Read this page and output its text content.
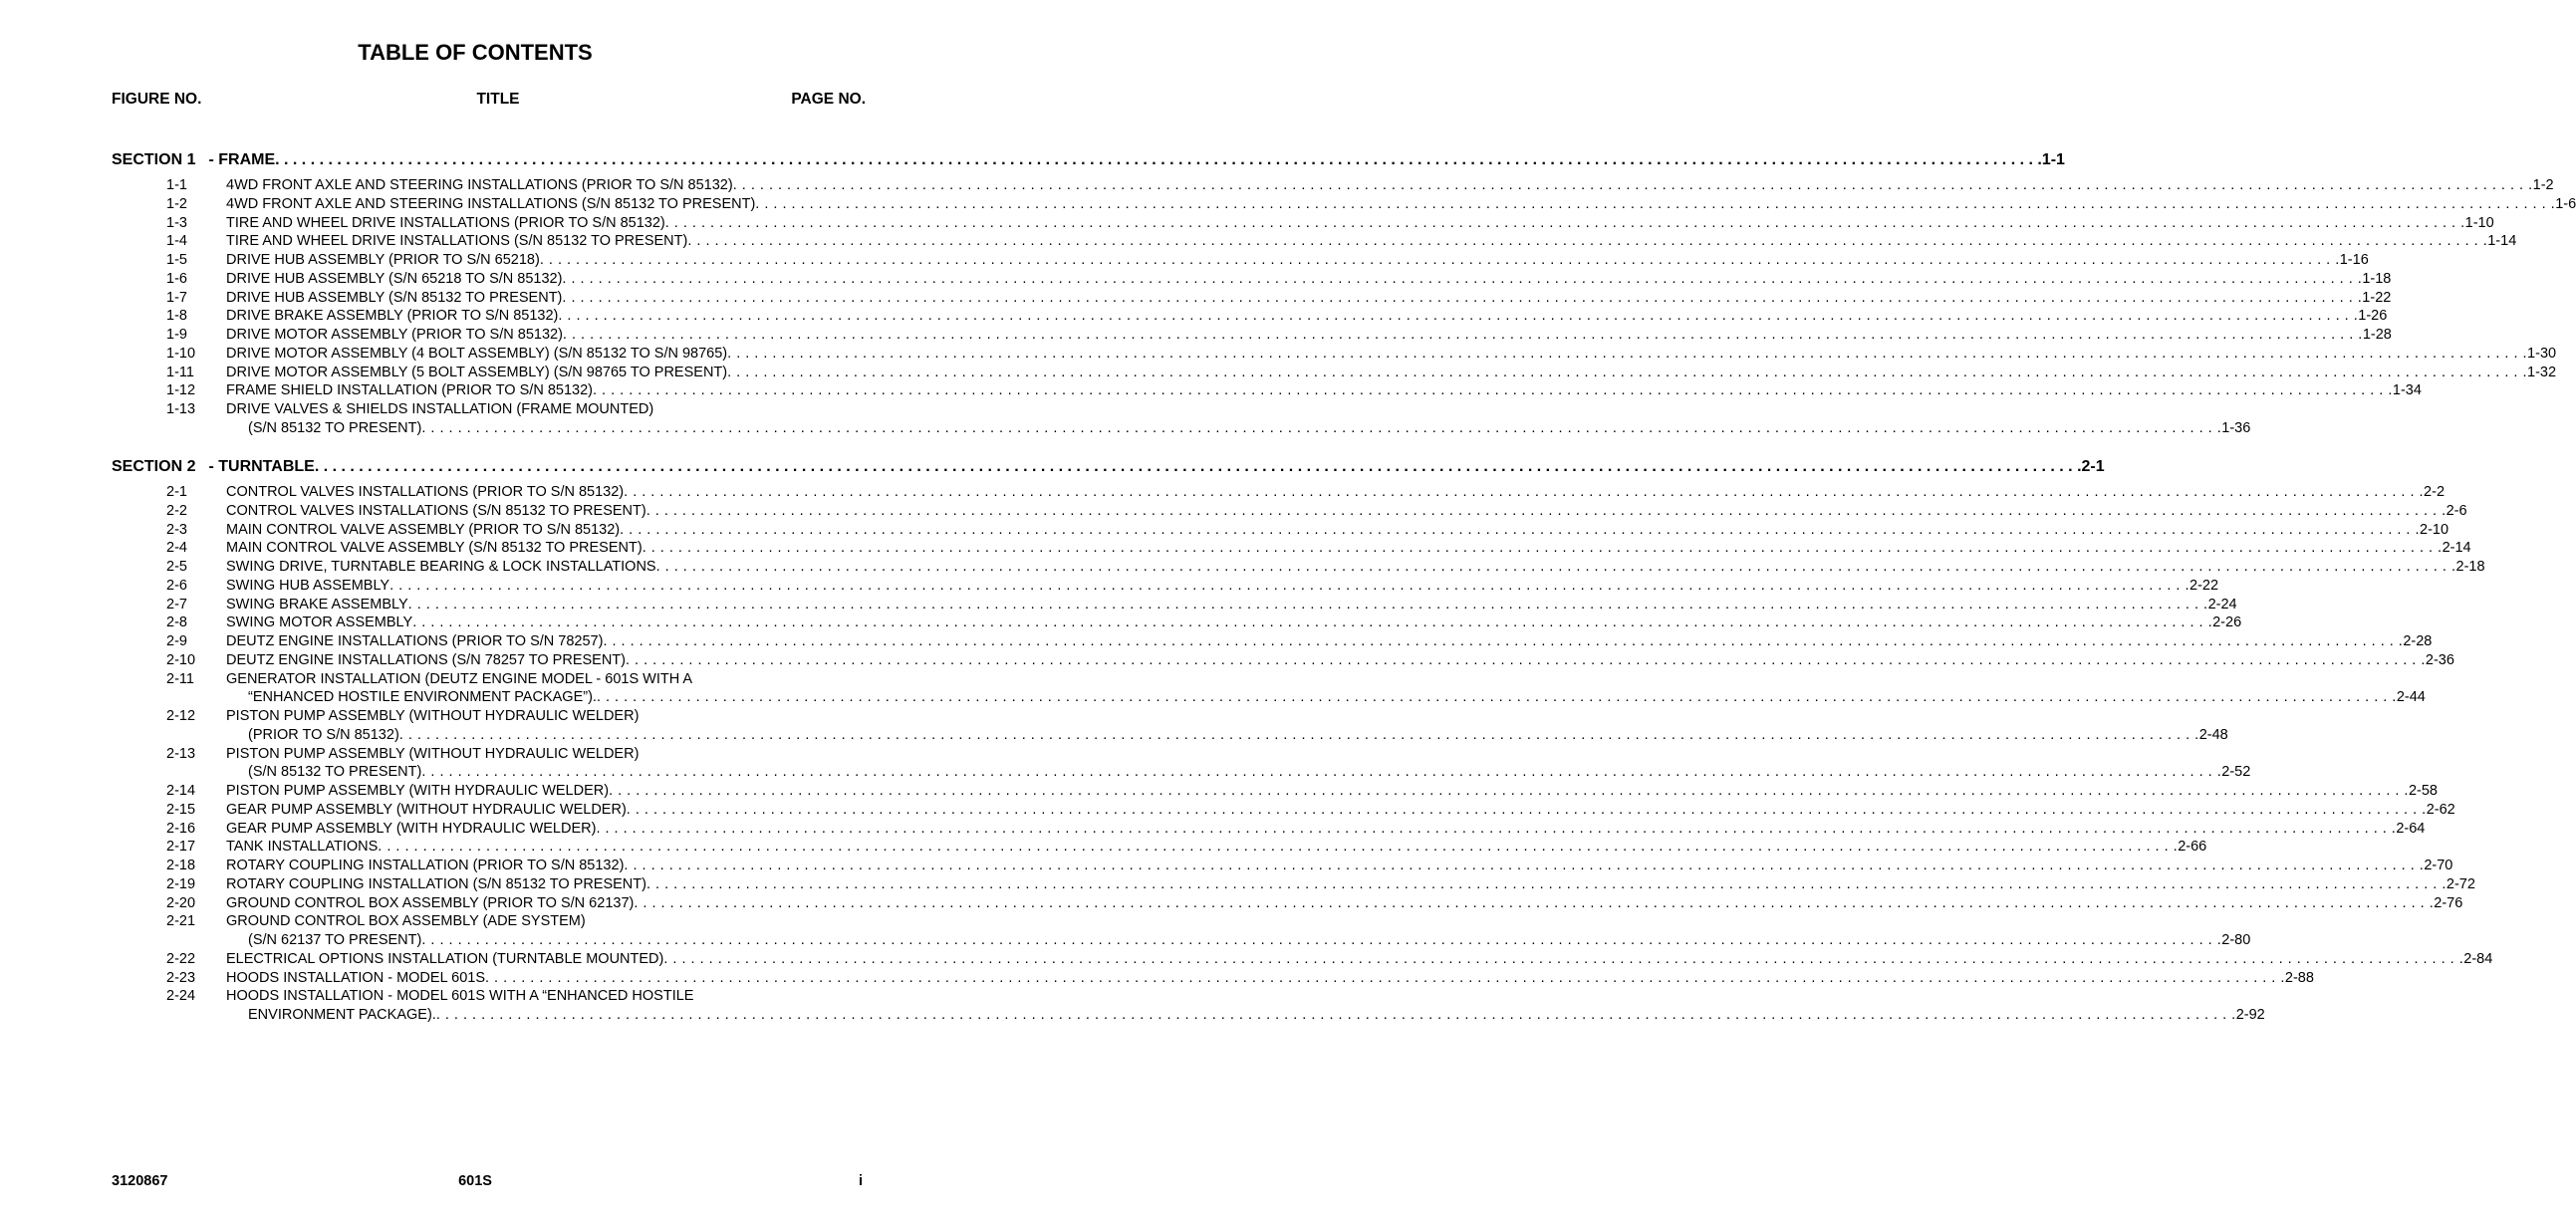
TABLE OF CONTENTS
FIGURE NO.	TITLE	PAGE NO.
SECTION 1 - FRAME . . . . . . . . . . . . . . . . . . . . . . . . . . . . . . . . . . . . . . . . . . . . . . . . . . . . . . . . . . . . . . . . . . . . . . . . . . . . . . . . . . . . . . . . . . . . . . . . . . . . . . . . . . . . . . . . . . . . . . . . . . . . . . . . . . . . . . . . . . . . . . . . . . . . . . . . . . . . . . . . . . . . . . . . . . . . . . . . . . . . . . . . . . . . . . . . . . . . . . . . 1-1
1-1	4WD FRONT AXLE AND STEERING INSTALLATIONS (PRIOR TO S/N 85132) . . . . . . . . . . . . . . . . . . . . . . . . . . . . . . . . . . . . . . . . . . . . . . . . . . . . . . . . . . . . . . . . . . . . . . . . . . . . . . . . . . . . . . . . . . . . . . . . . . . . . . . . . . . . . . . . . . . . . . . . . . . . . . . . . . . . . . . . . . . . . . . . . . . . . . . . . . . . . . . . . . . . . . . . . . . . . . . . . . . . . . . . . . . . . . . . . . . . . . . . 1-2
1-2	4WD FRONT AXLE AND STEERING INSTALLATIONS (S/N 85132 TO PRESENT) . . . . . . . . . . . . . . . . . . . . . . . . . . . . . . . . . . . . . . . . . . . . . . . . . . . . . . . . . . . . . . . . . . . . . . . . . . . . . . . . . . . . . . . . . . . . . . . . . . . . . . . . . . . . . . . . . . . . . . . . . . . . . . . . . . . . . . . . . . . . . . . . . . . . . . . . . . . . . . . . . . . . . . . . . . . . . . . . . . . . . . . . . . . . . . . . . . . . . . . . 1-6
1-3	TIRE AND WHEEL DRIVE INSTALLATIONS (PRIOR TO S/N 85132) . . . . . . . . . . . . . . . . . . . . . . . . . . . . . . . . . . . . . . . . . . . . . . . . . . . . . . . . . . . . . . . . . . . . . . . . . . . . . . . . . . . . . . . . . . . . . . . . . . . . . . . . . . . . . . . . . . . . . . . . . . . . . . . . . . . . . . . . . . . . . . . . . . . . . . . . . . . . . . . . . . . . . . . . . . . . . . . . . . . . . . . . . . . . . . . . . . . . . . . . 1-10
1-4	TIRE AND WHEEL DRIVE INSTALLATIONS (S/N 85132 TO PRESENT) . . . . . . . . . . . . . . . . . . . . . . . . . . . . . . . . . . . . . . . . . . . . . . . . . . . . . . . . . . . . . . . . . . . . . . . . . . . . . . . . . . . . . . . . . . . . . . . . . . . . . . . . . . . . . . . . . . . . . . . . . . . . . . . . . . . . . . . . . . . . . . . . . . . . . . . . . . . . . . . . . . . . . . . . . . . . . . . . . . . . . . . . . . . . . . . . . . . . . . . . 1-14
1-5	DRIVE HUB ASSEMBLY (PRIOR TO S/N 65218) . . . . . . . . . . . . . . . . . . . . . . . . . . . . . . . . . . . . . . . . . . . . . . . . . . . . . . . . . . . . . . . . . . . . . . . . . . . . . . . . . . . . . . . . . . . . . . . . . . . . . . . . . . . . . . . . . . . . . . . . . . . . . . . . . . . . . . . . . . . . . . . . . . . . . . . . . . . . . . . . . . . . . . . . . . . . . . . . . . . . . . . . . . . . . . . . . . . . . . . . 1-16
1-6	DRIVE HUB ASSEMBLY (S/N 65218 TO S/N 85132) . . . . . . . . . . . . . . . . . . . . . . . . . . . . . . . . . . . . . . . . . . . . . . . . . . . . . . . . . . . . . . . . . . . . . . . . . . . . . . . . . . . . . . . . . . . . . . . . . . . . . . . . . . . . . . . . . . . . . . . . . . . . . . . . . . . . . . . . . . . . . . . . . . . . . . . . . . . . . . . . . . . . . . . . . . . . . . . . . . . . . . . . . . . . . . . . . . . . . . . . 1-18
1-7	DRIVE HUB ASSEMBLY (S/N 85132 TO PRESENT) . . . . . . . . . . . . . . . . . . . . . . . . . . . . . . . . . . . . . . . . . . . . . . . . . . . . . . . . . . . . . . . . . . . . . . . . . . . . . . . . . . . . . . . . . . . . . . . . . . . . . . . . . . . . . . . . . . . . . . . . . . . . . . . . . . . . . . . . . . . . . . . . . . . . . . . . . . . . . . . . . . . . . . . . . . . . . . . . . . . . . . . . . . . . . . . . . . . . . . . . 1-22
1-8	DRIVE BRAKE ASSEMBLY (PRIOR TO S/N 85132) . . . . . . . . . . . . . . . . . . . . . . . . . . . . . . . . . . . . . . . . . . . . . . . . . . . . . . . . . . . . . . . . . . . . . . . . . . . . . . . . . . . . . . . . . . . . . . . . . . . . . . . . . . . . . . . . . . . . . . . . . . . . . . . . . . . . . . . . . . . . . . . . . . . . . . . . . . . . . . . . . . . . . . . . . . . . . . . . . . . . . . . . . . . . . . . . . . . . . . . . 1-26
1-9	DRIVE MOTOR ASSEMBLY (PRIOR TO S/N 85132) . . . . . . . . . . . . . . . . . . . . . . . . . . . . . . . . . . . . . . . . . . . . . . . . . . . . . . . . . . . . . . . . . . . . . . . . . . . . . . . . . . . . . . . . . . . . . . . . . . . . . . . . . . . . . . . . . . . . . . . . . . . . . . . . . . . . . . . . . . . . . . . . . . . . . . . . . . . . . . . . . . . . . . . . . . . . . . . . . . . . . . . . . . . . . . . . . . . . . . . . 1-28
1-10	DRIVE MOTOR ASSEMBLY (4 BOLT ASSEMBLY) (S/N 85132 TO S/N 98765) . . . . . . . . . . . . . . . . . . . . . . . . . . . . . . . . . . . . . . . . . . . . . . . . . . . . . . . . . . . . . . . . . . . . . . . . . . . . . . . . . . . . . . . . . . . . . . . . . . . . . . . . . . . . . . . . . . . . . . . . . . . . . . . . . . . . . . . . . . . . . . . . . . . . . . . . . . . . . . . . . . . . . . . . . . . . . . . . . . . . . . . . . . . . . . . . . . . . . . . . 1-30
1-11	DRIVE MOTOR ASSEMBLY (5 BOLT ASSEMBLY) (S/N 98765 TO PRESENT) . . . . . . . . . . . . . . . . . . . . . . . . . . . . . . . . . . . . . . . . . . . . . . . . . . . . . . . . . . . . . . . . . . . . . . . . . . . . . . . . . . . . . . . . . . . . . . . . . . . . . . . . . . . . . . . . . . . . . . . . . . . . . . . . . . . . . . . . . . . . . . . . . . . . . . . . . . . . . . . . . . . . . . . . . . . . . . . . . . . . . . . . . . . . . . . . . . . . . . . . 1-32
1-12	FRAME SHIELD INSTALLATION (PRIOR TO S/N 85132) . . . . . . . . . . . . . . . . . . . . . . . . . . . . . . . . . . . . . . . . . . . . . . . . . . . . . . . . . . . . . . . . . . . . . . . . . . . . . . . . . . . . . . . . . . . . . . . . . . . . . . . . . . . . . . . . . . . . . . . . . . . . . . . . . . . . . . . . . . . . . . . . . . . . . . . . . . . . . . . . . . . . . . . . . . . . . . . . . . . . . . . . . . . . . . . . . . . . . . . . 1-34
1-13	DRIVE VALVES & SHIELDS INSTALLATION (FRAME MOUNTED)
(S/N 85132 TO PRESENT) . . . . . . . . . . . . . . . . . . . . . . . . . . . . . . . . . . . . . . . . . . . . . . . . . . . . . . . . . . . . . . . . . . . . . . . . . . . . . . . . . . . . . . . . . . . . . . . . . . . . . . . . . . . . . . . . . . . . . . . . . . . . . . . . . . . . . . . . . . . . . . . . . . . . . . . . . . . . . . . . . . . . . . . . . . . . . . . . . . . . . . . . . . . . . . . . . . . . . . . . 1-36
SECTION 2 - TURNTABLE . . . . . . . . . . . . . . . . . . . . . . . . . . . . . . . . . . . . . . . . . . . . . . . . . . . . . . . . . . . . . . . . . . . . . . . . . . . . . . . . . . . . . . . . . . . . . . . . . . . . . . . . . . . . . . . . . . . . . . . . . . . . . . . . . . . . . . . . . . . . . . . . . . . . . . . . . . . . . . . . . . . . . . . . . . . . . . . . . . . . . . . . . . . . . . . . . . . . . . . . 2-1
2-1	CONTROL VALVES INSTALLATIONS (PRIOR TO S/N 85132) . . . . . . . . . . . . . . . . . . . . . . . . . . . . . . . . . . . . . . . . . . . . . . . . . . . . . . . . . . . . . . . . . . . . . . . . . . . . . . . . . . . . . . . . . . . . . . . . . . . . . . . . . . . . . . . . . . . . . . . . . . . . . . . . . . . . . . . . . . . . . . . . . . . . . . . . . . . . . . . . . . . . . . . . . . . . . . . . . . . . . . . . . . . . . . . . . . . . . . . . 2-2
2-2	CONTROL VALVES INSTALLATIONS (S/N 85132 TO PRESENT) . . . . . . . . . . . . . . . . . . . . . . . . . . . . . . . . . . . . . . . . . . . . . . . . . . . . . . . . . . . . . . . . . . . . . . . . . . . . . . . . . . . . . . . . . . . . . . . . . . . . . . . . . . . . . . . . . . . . . . . . . . . . . . . . . . . . . . . . . . . . . . . . . . . . . . . . . . . . . . . . . . . . . . . . . . . . . . . . . . . . . . . . . . . . . . . . . . . . . . . . 2-6
2-3	MAIN CONTROL VALVE ASSEMBLY (PRIOR TO S/N 85132) . . . . . . . . . . . . . . . . . . . . . . . . . . . . . . . . . . . . . . . . . . . . . . . . . . . . . . . . . . . . . . . . . . . . . . . . . . . . . . . . . . . . . . . . . . . . . . . . . . . . . . . . . . . . . . . . . . . . . . . . . . . . . . . . . . . . . . . . . . . . . . . . . . . . . . . . . . . . . . . . . . . . . . . . . . . . . . . . . . . . . . . . . . . . . . . . . . . . . . . . 2-10
2-4	MAIN CONTROL VALVE ASSEMBLY (S/N 85132 TO PRESENT) . . . . . . . . . . . . . . . . . . . . . . . . . . . . . . . . . . . . . . . . . . . . . . . . . . . . . . . . . . . . . . . . . . . . . . . . . . . . . . . . . . . . . . . . . . . . . . . . . . . . . . . . . . . . . . . . . . . . . . . . . . . . . . . . . . . . . . . . . . . . . . . . . . . . . . . . . . . . . . . . . . . . . . . . . . . . . . . . . . . . . . . . . . . . . . . . . . . . . . . . 2-14
2-5	SWING DRIVE, TURNTABLE BEARING & LOCK INSTALLATIONS . . . . . . . . . . . . . . . . . . . . . . . . . . . . . . . . . . . . . . . . . . . . . . . . . . . . . . . . . . . . . . . . . . . . . . . . . . . . . . . . . . . . . . . . . . . . . . . . . . . . . . . . . . . . . . . . . . . . . . . . . . . . . . . . . . . . . . . . . . . . . . . . . . . . . . . . . . . . . . . . . . . . . . . . . . . . . . . . . . . . . . . . . . . . . . . . . . . . . . . . 2-18
2-6	SWING HUB ASSEMBLY . . . . . . . . . . . . . . . . . . . . . . . . . . . . . . . . . . . . . . . . . . . . . . . . . . . . . . . . . . . . . . . . . . . . . . . . . . . . . . . . . . . . . . . . . . . . . . . . . . . . . . . . . . . . . . . . . . . . . . . . . . . . . . . . . . . . . . . . . . . . . . . . . . . . . . . . . . . . . . . . . . . . . . . . . . . . . . . . . . . . . . . . . . . . . . . . . . . . . . . . 2-22
2-7	SWING BRAKE ASSEMBLY . . . . . . . . . . . . . . . . . . . . . . . . . . . . . . . . . . . . . . . . . . . . . . . . . . . . . . . . . . . . . . . . . . . . . . . . . . . . . . . . . . . . . . . . . . . . . . . . . . . . . . . . . . . . . . . . . . . . . . . . . . . . . . . . . . . . . . . . . . . . . . . . . . . . . . . . . . . . . . . . . . . . . . . . . . . . . . . . . . . . . . . . . . . . . . . . . . . . . . . . 2-24
2-8	SWING MOTOR ASSEMBLY . . . . . . . . . . . . . . . . . . . . . . . . . . . . . . . . . . . . . . . . . . . . . . . . . . . . . . . . . . . . . . . . . . . . . . . . . . . . . . . . . . . . . . . . . . . . . . . . . . . . . . . . . . . . . . . . . . . . . . . . . . . . . . . . . . . . . . . . . . . . . . . . . . . . . . . . . . . . . . . . . . . . . . . . . . . . . . . . . . . . . . . . . . . . . . . . . . . . . . . . 2-26
2-9	DEUTZ ENGINE INSTALLATIONS (PRIOR TO S/N 78257) . . . . . . . . . . . . . . . . . . . . . . . . . . . . . . . . . . . . . . . . . . . . . . . . . . . . . . . . . . . . . . . . . . . . . . . . . . . . . . . . . . . . . . . . . . . . . . . . . . . . . . . . . . . . . . . . . . . . . . . . . . . . . . . . . . . . . . . . . . . . . . . . . . . . . . . . . . . . . . . . . . . . . . . . . . . . . . . . . . . . . . . . . . . . . . . . . . . . . . . . 2-28
2-10	DEUTZ ENGINE INSTALLATIONS (S/N 78257 TO PRESENT) . . . . . . . . . . . . . . . . . . . . . . . . . . . . . . . . . . . . . . . . . . . . . . . . . . . . . . . . . . . . . . . . . . . . . . . . . . . . . . . . . . . . . . . . . . . . . . . . . . . . . . . . . . . . . . . . . . . . . . . . . . . . . . . . . . . . . . . . . . . . . . . . . . . . . . . . . . . . . . . . . . . . . . . . . . . . . . . . . . . . . . . . . . . . . . . . . . . . . . . . 2-36
2-11	GENERATOR INSTALLATION (DEUTZ ENGINE MODEL - 601S WITH A
“ENHANCED HOSTILE ENVIRONMENT PACKAGE”). . . . . . . . . . . . . . . . . . . . . . . . . . . . . . . . . . . . . . . . . . . . . . . . . . . . . . . . . . . . . . . . . . . . . . . . . . . . . . . . . . . . . . . . . . . . . . . . . . . . . . . . . . . . . . . . . . . . . . . . . . . . . . . . . . . . . . . . . . . . . . . . . . . . . . . . . . . . . . . . . . . . . . . . . . . . . . . . . . . . . . . . . . . . . . . . . . . . . . . . . 2-44
2-12	PISTON PUMP ASSEMBLY (WITHOUT HYDRAULIC WELDER)
(PRIOR TO S/N 85132) . . . . . . . . . . . . . . . . . . . . . . . . . . . . . . . . . . . . . . . . . . . . . . . . . . . . . . . . . . . . . . . . . . . . . . . . . . . . . . . . . . . . . . . . . . . . . . . . . . . . . . . . . . . . . . . . . . . . . . . . . . . . . . . . . . . . . . . . . . . . . . . . . . . . . . . . . . . . . . . . . . . . . . . . . . . . . . . . . . . . . . . . . . . . . . . . . . . . . . . . 2-48
2-13	PISTON PUMP ASSEMBLY (WITHOUT HYDRAULIC WELDER)
(S/N 85132 TO PRESENT) . . . . . . . . . . . . . . . . . . . . . . . . . . . . . . . . . . . . . . . . . . . . . . . . . . . . . . . . . . . . . . . . . . . . . . . . . . . . . . . . . . . . . . . . . . . . . . . . . . . . . . . . . . . . . . . . . . . . . . . . . . . . . . . . . . . . . . . . . . . . . . . . . . . . . . . . . . . . . . . . . . . . . . . . . . . . . . . . . . . . . . . . . . . . . . . . . . . . . . . . 2-52
2-14	PISTON PUMP ASSEMBLY (WITH HYDRAULIC WELDER) . . . . . . . . . . . . . . . . . . . . . . . . . . . . . . . . . . . . . . . . . . . . . . . . . . . . . . . . . . . . . . . . . . . . . . . . . . . . . . . . . . . . . . . . . . . . . . . . . . . . . . . . . . . . . . . . . . . . . . . . . . . . . . . . . . . . . . . . . . . . . . . . . . . . . . . . . . . . . . . . . . . . . . . . . . . . . . . . . . . . . . . . . . . . . . . . . . . . . . . . 2-58
2-15	GEAR PUMP ASSEMBLY (WITHOUT HYDRAULIC WELDER) . . . . . . . . . . . . . . . . . . . . . . . . . . . . . . . . . . . . . . . . . . . . . . . . . . . . . . . . . . . . . . . . . . . . . . . . . . . . . . . . . . . . . . . . . . . . . . . . . . . . . . . . . . . . . . . . . . . . . . . . . . . . . . . . . . . . . . . . . . . . . . . . . . . . . . . . . . . . . . . . . . . . . . . . . . . . . . . . . . . . . . . . . . . . . . . . . . . . . . . . 2-62
2-16	GEAR PUMP ASSEMBLY (WITH HYDRAULIC WELDER) . . . . . . . . . . . . . . . . . . . . . . . . . . . . . . . . . . . . . . . . . . . . . . . . . . . . . . . . . . . . . . . . . . . . . . . . . . . . . . . . . . . . . . . . . . . . . . . . . . . . . . . . . . . . . . . . . . . . . . . . . . . . . . . . . . . . . . . . . . . . . . . . . . . . . . . . . . . . . . . . . . . . . . . . . . . . . . . . . . . . . . . . . . . . . . . . . . . . . . . . 2-64
2-17	TANK INSTALLATIONS . . . . . . . . . . . . . . . . . . . . . . . . . . . . . . . . . . . . . . . . . . . . . . . . . . . . . . . . . . . . . . . . . . . . . . . . . . . . . . . . . . . . . . . . . . . . . . . . . . . . . . . . . . . . . . . . . . . . . . . . . . . . . . . . . . . . . . . . . . . . . . . . . . . . . . . . . . . . . . . . . . . . . . . . . . . . . . . . . . . . . . . . . . . . . . . . . . . . . . . . 2-66
2-18	ROTARY COUPLING INSTALLATION (PRIOR TO S/N 85132) . . . . . . . . . . . . . . . . . . . . . . . . . . . . . . . . . . . . . . . . . . . . . . . . . . . . . . . . . . . . . . . . . . . . . . . . . . . . . . . . . . . . . . . . . . . . . . . . . . . . . . . . . . . . . . . . . . . . . . . . . . . . . . . . . . . . . . . . . . . . . . . . . . . . . . . . . . . . . . . . . . . . . . . . . . . . . . . . . . . . . . . . . . . . . . . . . . . . . . . . 2-70
2-19	ROTARY COUPLING INSTALLATION (S/N 85132 TO PRESENT) . . . . . . . . . . . . . . . . . . . . . . . . . . . . . . . . . . . . . . . . . . . . . . . . . . . . . . . . . . . . . . . . . . . . . . . . . . . . . . . . . . . . . . . . . . . . . . . . . . . . . . . . . . . . . . . . . . . . . . . . . . . . . . . . . . . . . . . . . . . . . . . . . . . . . . . . . . . . . . . . . . . . . . . . . . . . . . . . . . . . . . . . . . . . . . . . . . . . . . . . 2-72
2-20	GROUND CONTROL BOX ASSEMBLY (PRIOR TO S/N 62137) . . . . . . . . . . . . . . . . . . . . . . . . . . . . . . . . . . . . . . . . . . . . . . . . . . . . . . . . . . . . . . . . . . . . . . . . . . . . . . . . . . . . . . . . . . . . . . . . . . . . . . . . . . . . . . . . . . . . . . . . . . . . . . . . . . . . . . . . . . . . . . . . . . . . . . . . . . . . . . . . . . . . . . . . . . . . . . . . . . . . . . . . . . . . . . . . . . . . . . . . 2-76
2-21	GROUND CONTROL BOX ASSEMBLY (ADE SYSTEM)
(S/N 62137 TO PRESENT) . . . . . . . . . . . . . . . . . . . . . . . . . . . . . . . . . . . . . . . . . . . . . . . . . . . . . . . . . . . . . . . . . . . . . . . . . . . . . . . . . . . . . . . . . . . . . . . . . . . . . . . . . . . . . . . . . . . . . . . . . . . . . . . . . . . . . . . . . . . . . . . . . . . . . . . . . . . . . . . . . . . . . . . . . . . . . . . . . . . . . . . . . . . . . . . . . . . . . . . . 2-80
2-22	ELECTRICAL OPTIONS INSTALLATION (TURNTABLE MOUNTED) . . . . . . . . . . . . . . . . . . . . . . . . . . . . . . . . . . . . . . . . . . . . . . . . . . . . . . . . . . . . . . . . . . . . . . . . . . . . . . . . . . . . . . . . . . . . . . . . . . . . . . . . . . . . . . . . . . . . . . . . . . . . . . . . . . . . . . . . . . . . . . . . . . . . . . . . . . . . . . . . . . . . . . . . . . . . . . . . . . . . . . . . . . . . . . . . . . . . . . . . 2-84
2-23	HOODS INSTALLATION - MODEL 601S . . . . . . . . . . . . . . . . . . . . . . . . . . . . . . . . . . . . . . . . . . . . . . . . . . . . . . . . . . . . . . . . . . . . . . . . . . . . . . . . . . . . . . . . . . . . . . . . . . . . . . . . . . . . . . . . . . . . . . . . . . . . . . . . . . . . . . . . . . . . . . . . . . . . . . . . . . . . . . . . . . . . . . . . . . . . . . . . . . . . . . . . . . . . . . . . . . . . . . . . 2-88
2-24	HOODS INSTALLATION - MODEL 601S WITH A “ENHANCED HOSTILE
ENVIRONMENT PACKAGE). . . . . . . . . . . . . . . . . . . . . . . . . . . . . . . . . . . . . . . . . . . . . . . . . . . . . . . . . . . . . . . . . . . . . . . . . . . . . . . . . . . . . . . . . . . . . . . . . . . . . . . . . . . . . . . . . . . . . . . . . . . . . . . . . . . . . . . . . . . . . . . . . . . . . . . . . . . . . . . . . . . . . . . . . . . . . . . . . . . . . . . . . . . . . . . . . . . . . . . . . 2-92
3120867	601S	i
